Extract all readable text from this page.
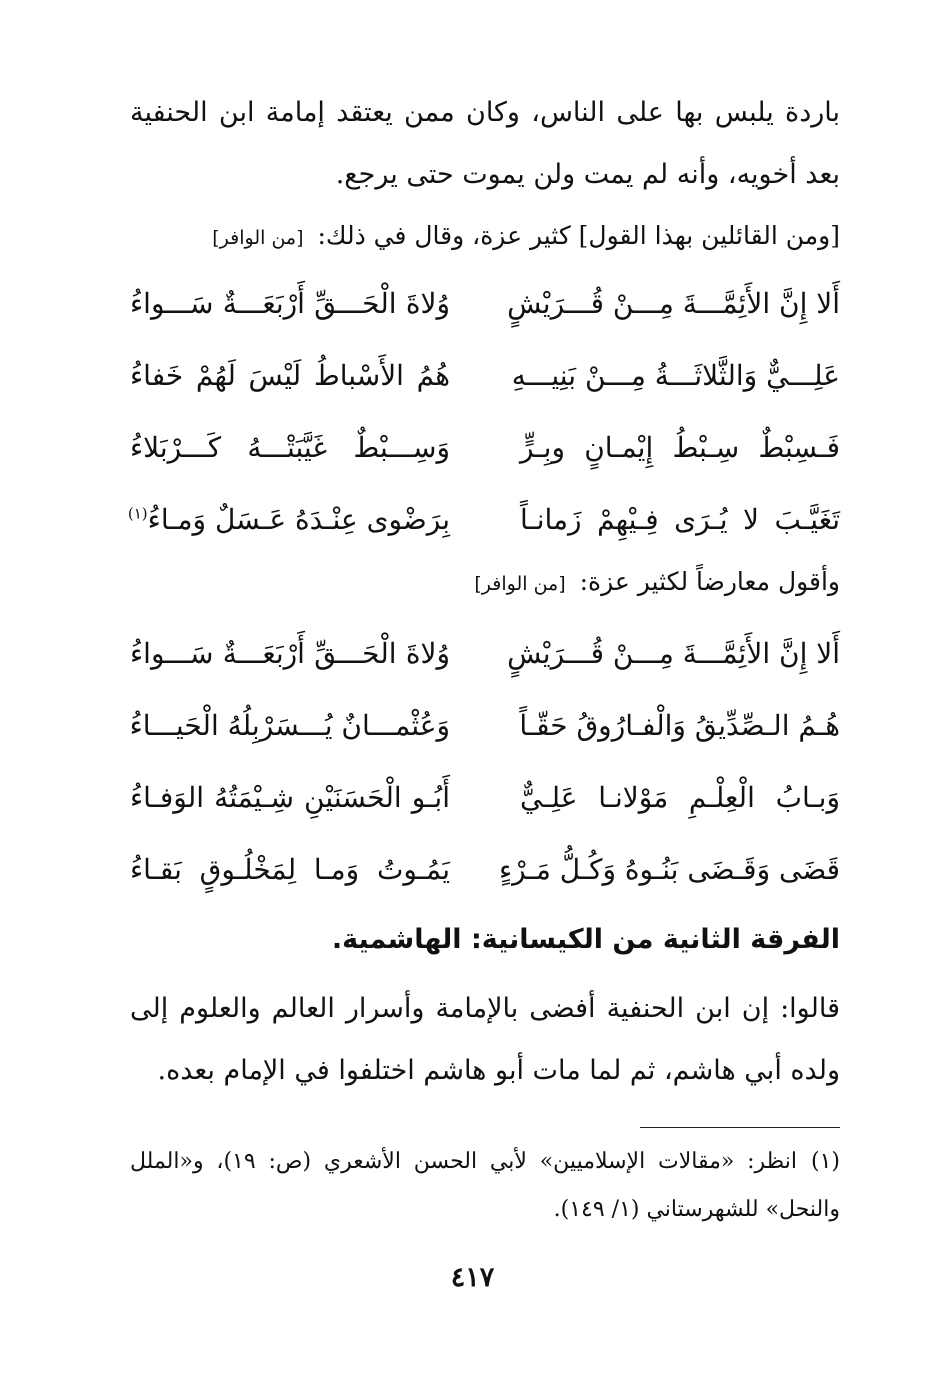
باردة يلبس بها على الناس، وكان ممن يعتقد إمامة ابن الحنفية بعد أخويه، وأنه لم يمت ولن يموت حتى يرجع.

[ومن القائلين بهذا القول] كثير عزة، وقال في ذلك: [من الوافر]

أَلا إِنَّ الأَئِمَّـــةَ مِـــنْ قُـــرَيْشٍ
وُلاةَ الْحَـــقِّ أَرْبَعَـــةٌ سَـــواءُ
عَلِـــيٌّ وَالثَّلاثَـــةُ مِـــنْ بَنِيـــهِ
هُمُ الأَسْباطُ لَيْسَ لَهُمْ خَفاءُ
فَـسِبْطٌ سِـبْطُ إِيْمـانٍ وبِـرٍّ
وَسِـــبْطٌ غَيَّبَتْـــهُ كَـــرْبَلاءُ
تَغَيَّـبَ لا يُـرَى فِـيْهِمْ زَمانـاً
بِرَضْوى عِنْـدَهُ عَـسَلٌ وَمـاءُ$^{(١)}$

وأقول معارضاً لكثير عزة: [من الوافر]

أَلا إِنَّ الأَئِمَّـــةَ مِـــنْ قُـــرَيْشٍ
وُلاةَ الْحَـــقِّ أَرْبَعَـــةٌ سَـــواءُ
هُـمُ الـصِّدِّيقُ وَالْفـارُوقُ حَقّـاً
وَعُثْمـــانٌ يُـــسَرْبِلُهُ الْحَيـــاءُ
وَبـابُ الْعِلْـمِ مَوْلانـا عَلِـيٌّ
أَبُـو الْحَسَنَيْنِ شِـيْمَتُهُ الوَفـاءُ
قَضَى وَقَـضَى بَنُـوهُ وَكُـلُّ مَـرْءٍ
يَمُـوتُ وَمـا لِمَخْلُـوقٍ بَقـاءُ
الفرقة الثانية من الكيسانية: الهاشمية.

قالوا: إن ابن الحنفية أفضى بالإمامة وأسرار العالم والعلوم إلى ولده أبي هاشم، ثم لما مات أبو هاشم اختلفوا في الإمام بعده.

(١)انظر: «مقالات الإسلاميين» لأبي الحسن الأشعري (ص: ١٩)، و«الملل والنحل» للشهرستاني (١/ ١٤٩).

٤١٧
